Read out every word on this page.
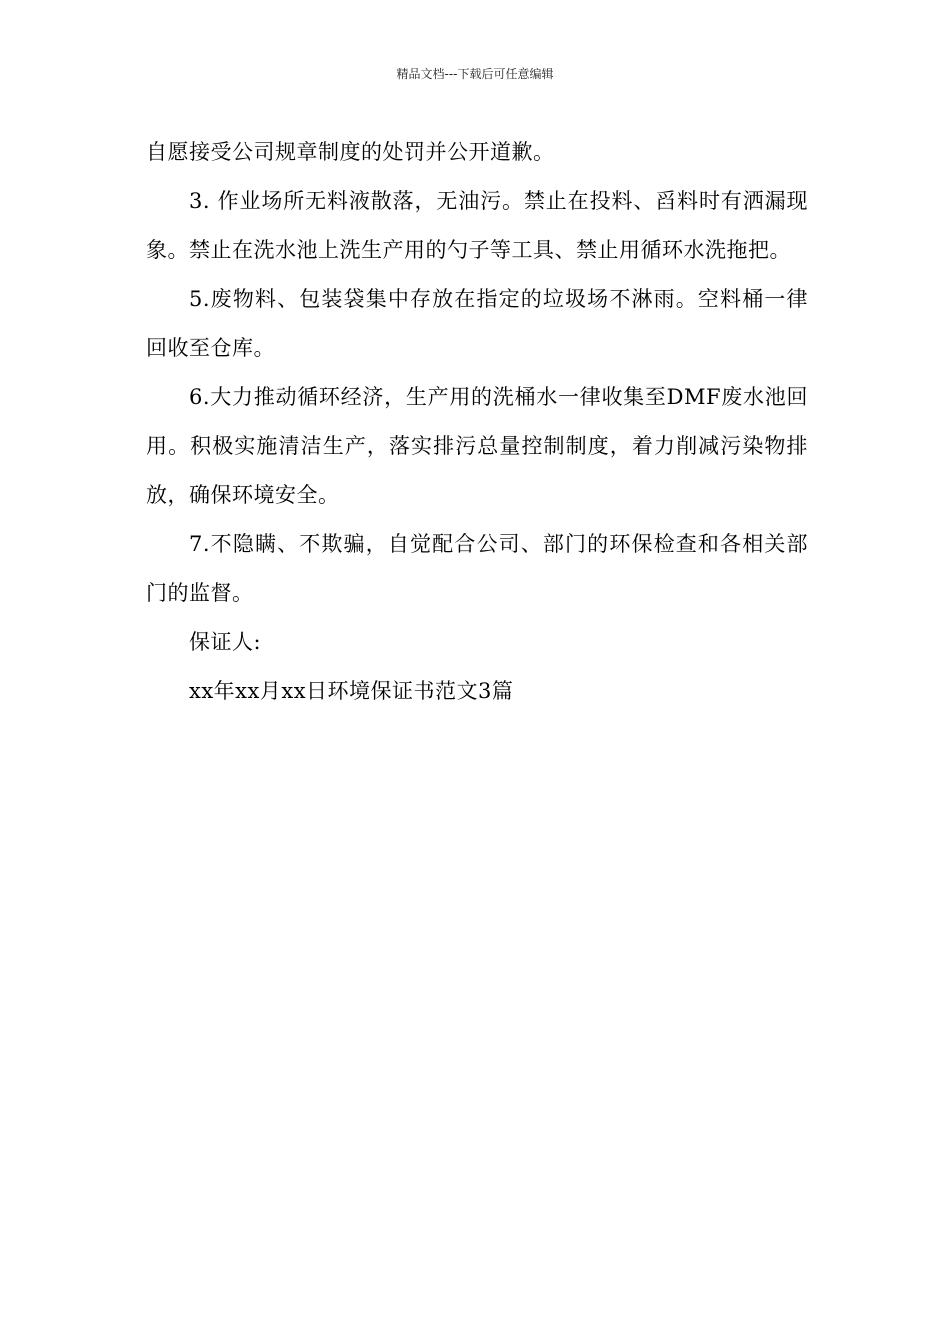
精品文档---下载后可任意编辑

自愿接受公司规章制度的处罚并公开道歉。

3. 作业场所无料液散落，无油污。禁止在投料、舀料时有洒漏现象。禁止在洗水池上洗生产用的勺子等工具、禁止用循环水洗拖把。

5.废物料、包装袋集中存放在指定的垃圾场不淋雨。空料桶一律回收至仓库。

6.大力推动循环经济，生产用的洗桶水一律收集至DMF废水池回用。积极实施清洁生产，落实排污总量控制制度，着力削减污染物排放，确保环境安全。

7.不隐瞒、不欺骗，自觉配合公司、部门的环保检查和各相关部门的监督。

保证人:

xx年xx月xx日环境保证书范文3篇
